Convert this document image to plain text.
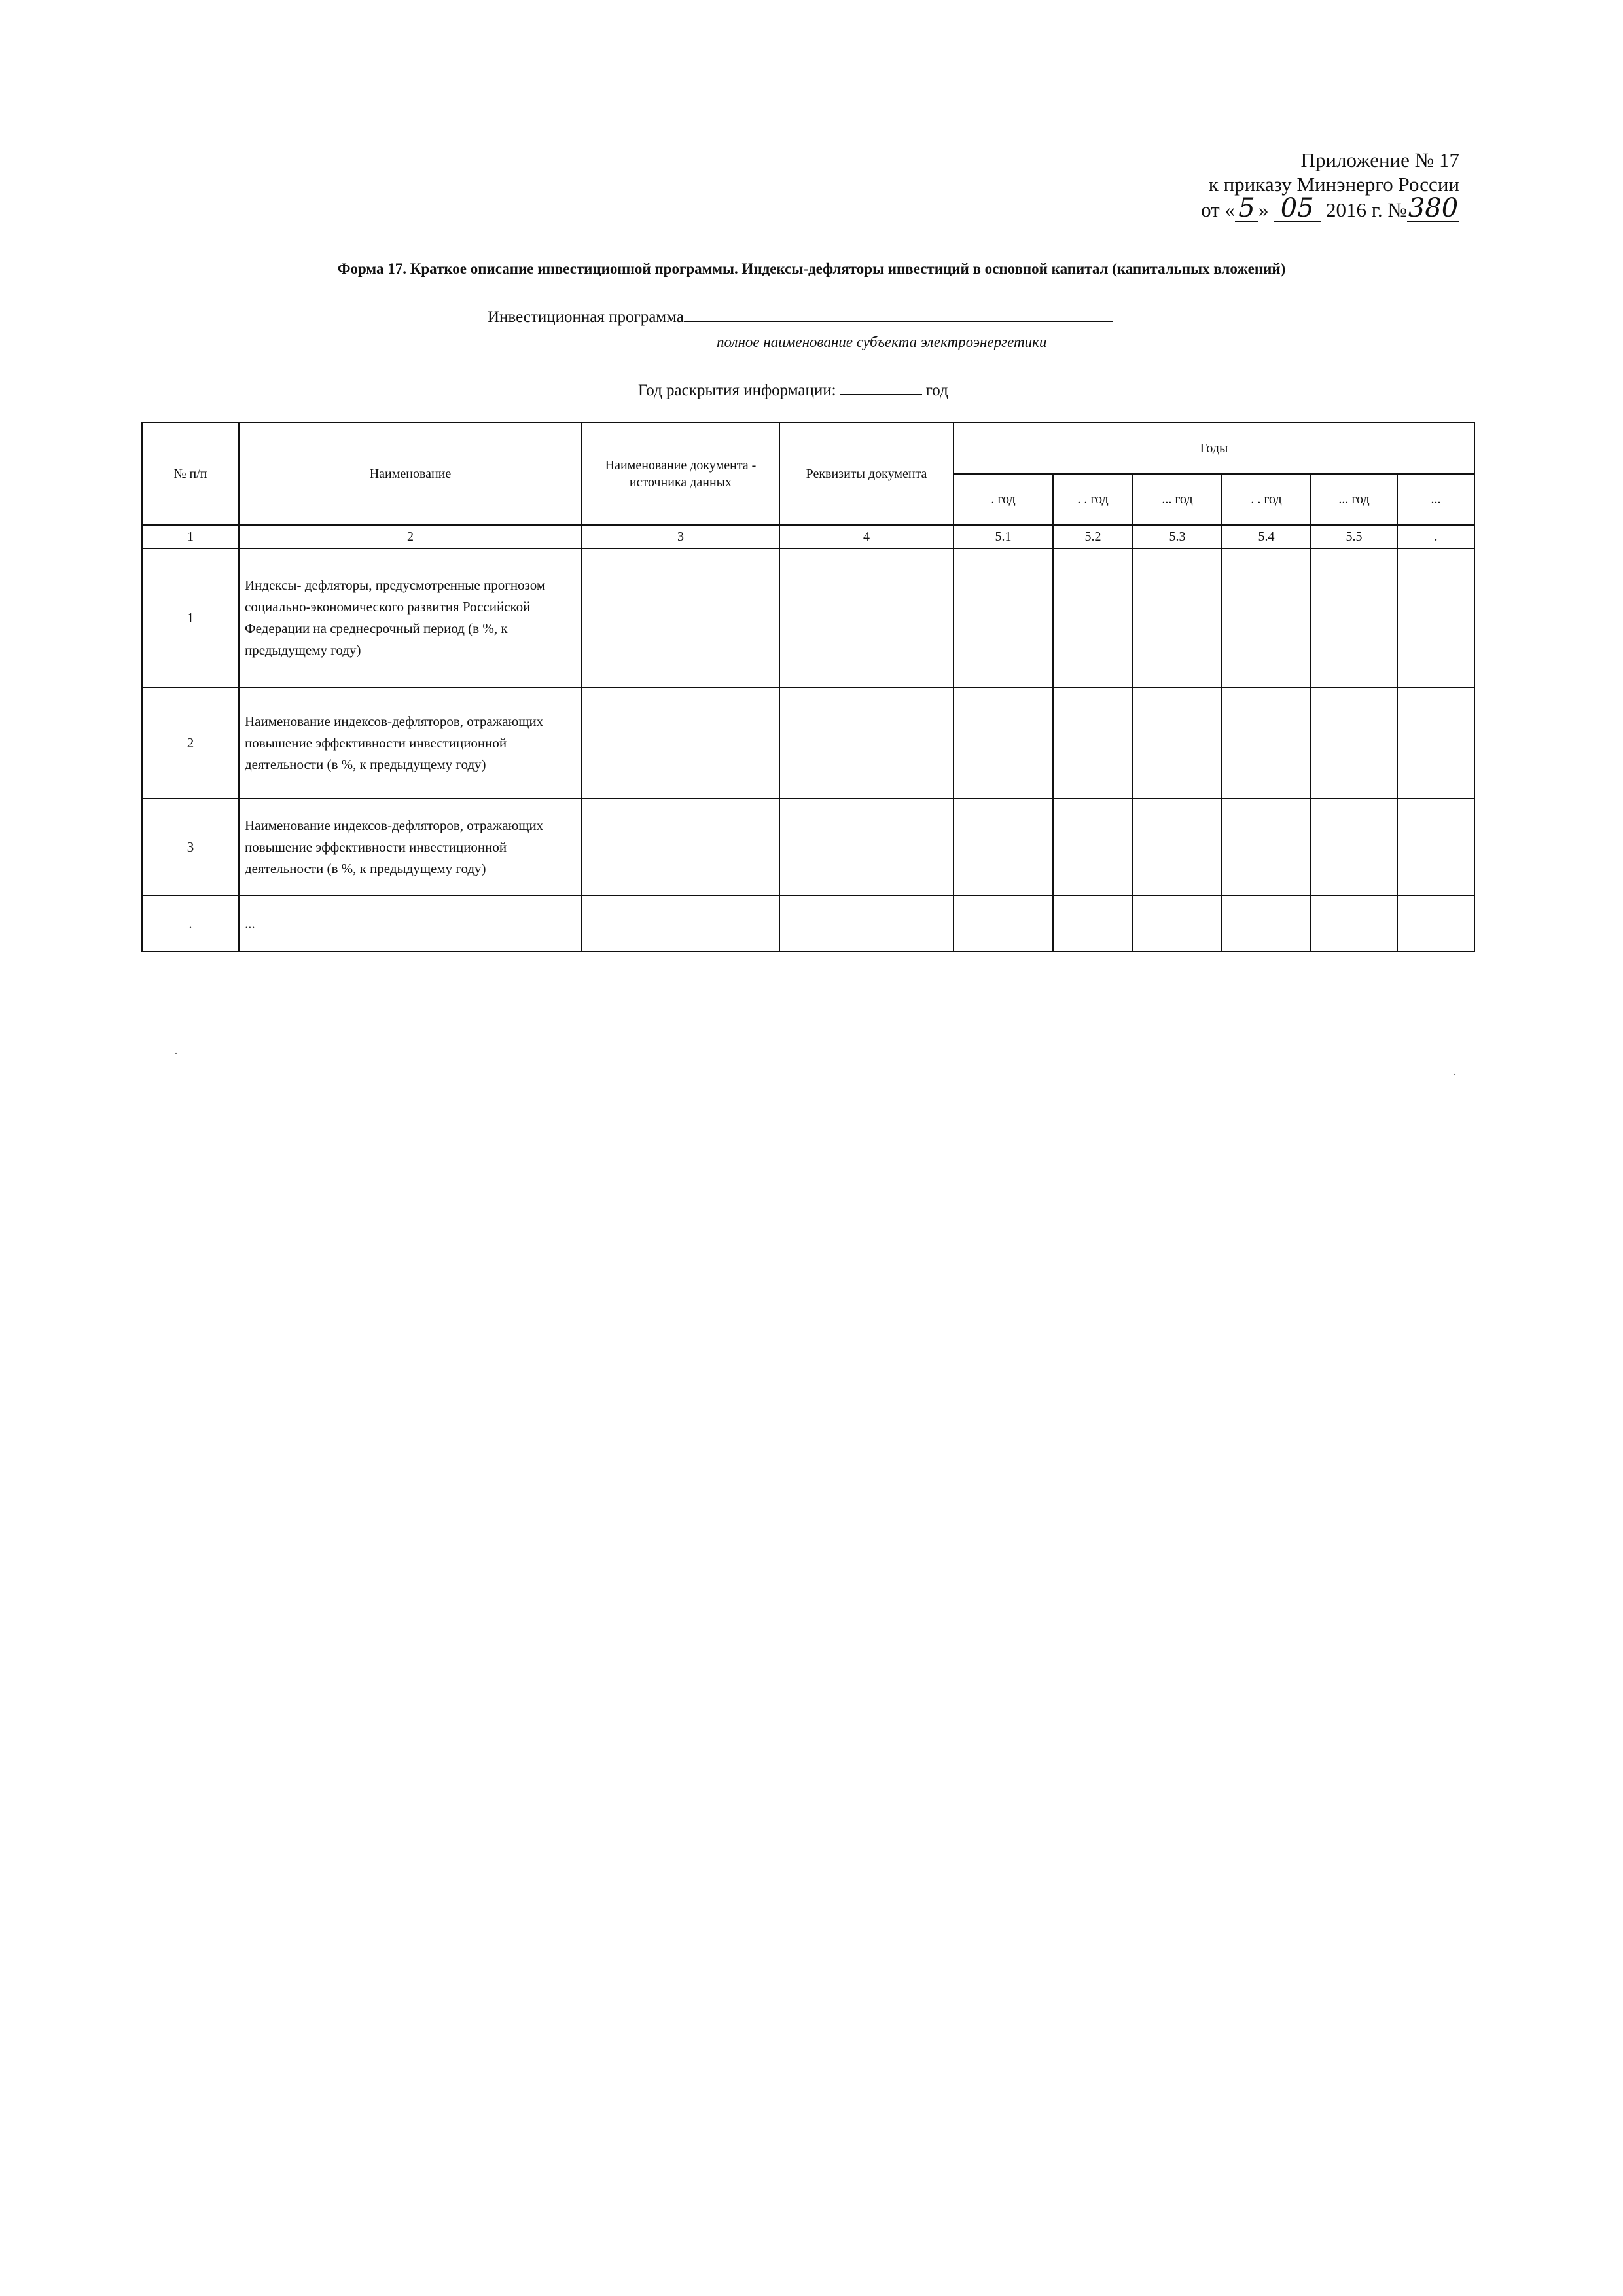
Приложение № 17
к приказу Минэнерго России
от « 5 » 05 2016 г. №380
Форма 17. Краткое описание инвестиционной программы. Индексы-дефляторы инвестиций в основной капитал (капитальных вложений)
Инвестиционная программа
полное наименование субъекта электроэнергетики
Год раскрытия информации:	год
№ п/п	Наименование	Наименование документа - источника данных	Реквизиты документа	Годы					
				. год	. . год	... год	. . год	... год	...
1	2	3	4	5.1	5.2	5.3	5.4	5.5	.
1	Индексы- дефляторы, предусмотренные прогнозом социально-экономического развития Российской Федерации на среднесрочный период (в %, к предыдущему году)								
2	Наименование индексов-дефляторов, отражающих повышение эффективности инвестиционной деятельности (в %, к предыдущему году)								
3	Наименование индексов-дефляторов, отражающих повышение эффективности инвестиционной деятельности (в %, к предыдущему году)								
.	...								
·
·
